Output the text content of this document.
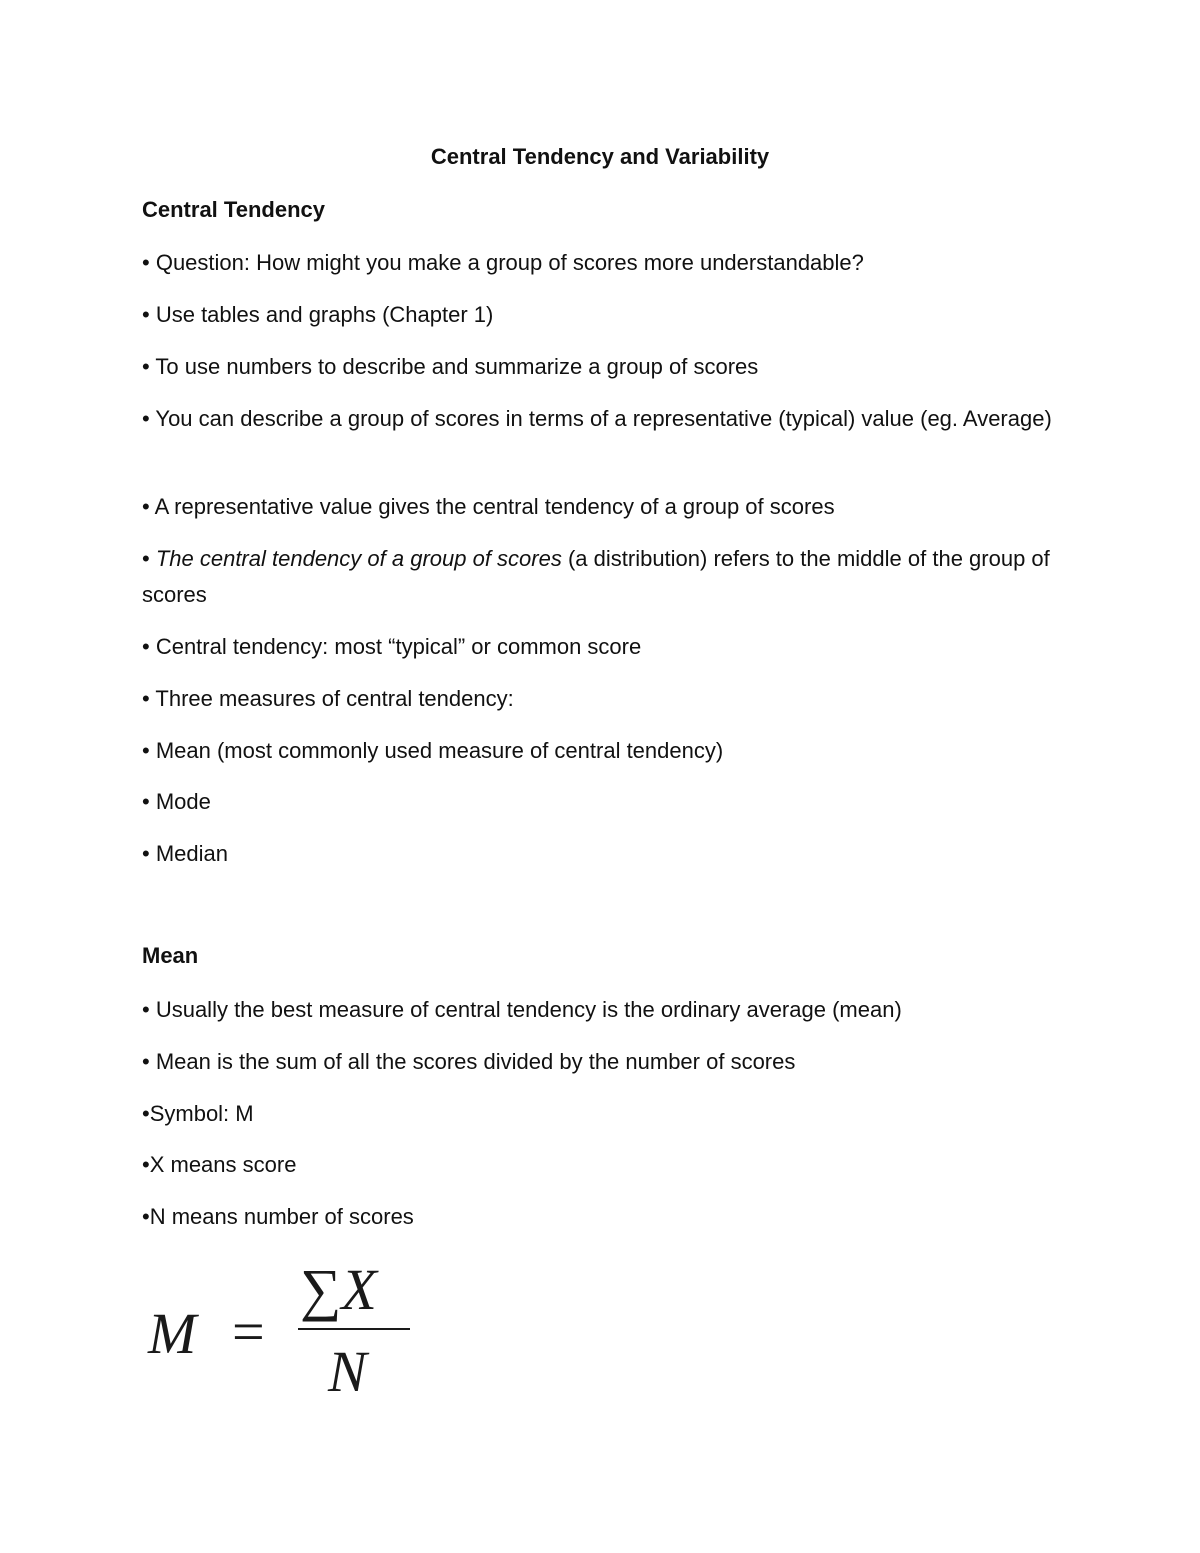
Central Tendency and Variability
Central Tendency
• Question: How might you make a group of scores more understandable?
• Use tables and graphs (Chapter 1)
• To use numbers to describe and summarize a group of scores
• You can describe a group of scores in terms of a representative (typical) value (eg. Average)
• A representative value gives the central tendency of a group of scores
• The central tendency of a group of scores (a distribution) refers to the middle of the group of scores
• Central tendency: most “typical” or common score
• Three measures of central tendency:
• Mean (most commonly used measure of central tendency)
• Mode
• Median
Mean
• Usually the best measure of central tendency is the ordinary average (mean)
• Mean is the sum of all the scores divided by the number of scores
•Symbol: M
•X means score
•N means number of scores
M =
∑X
N
